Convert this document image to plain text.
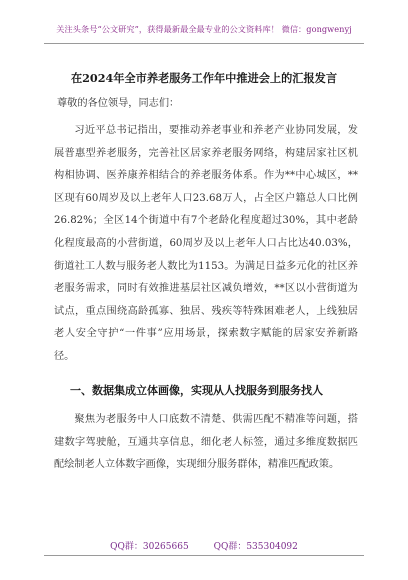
关注头条号“公文研究”，获得最新最全最专业的公文资料库！ 微信：gongwenyj
在2024年全市养老服务工作年中推进会上的汇报发言
尊敬的各位领导，同志们：
习近平总书记指出，要推动养老事业和养老产业协同发展，发展普惠型养老服务，完善社区居家养老服务网络，构建居家社区机构相协调、医养康养相结合的养老服务体系。作为**中心城区，**区现有60周岁及以上老年人口23.68万人，占全区户籍总人口比例26.82%；全区14个街道中有7个老龄化程度超过30%，其中老龄化程度最高的小营街道，60周岁及以上老年人口占比达40.03%，街道社工人数与服务老人数比为1153。为满足日益多元化的社区养老服务需求，同时有效推进基层社区减负增效，**区以小营街道为试点，重点围绕高龄孤寡、独居、残疾等特殊困难老人，上线独居老人安全守护“一件事”应用场景，探索数字赋能的居家安养新路径。
一、数据集成立体画像，实现从人找服务到服务找人
聚焦为老服务中人口底数不清楚、供需匹配不精准等问题，搭建数字驾驶舱，互通共享信息，细化老人标签，通过多维度数据匹配绘制老人立体数字画像，实现细分服务群体，精准匹配政策。
QQ群：30265665	QQ群：535304092
